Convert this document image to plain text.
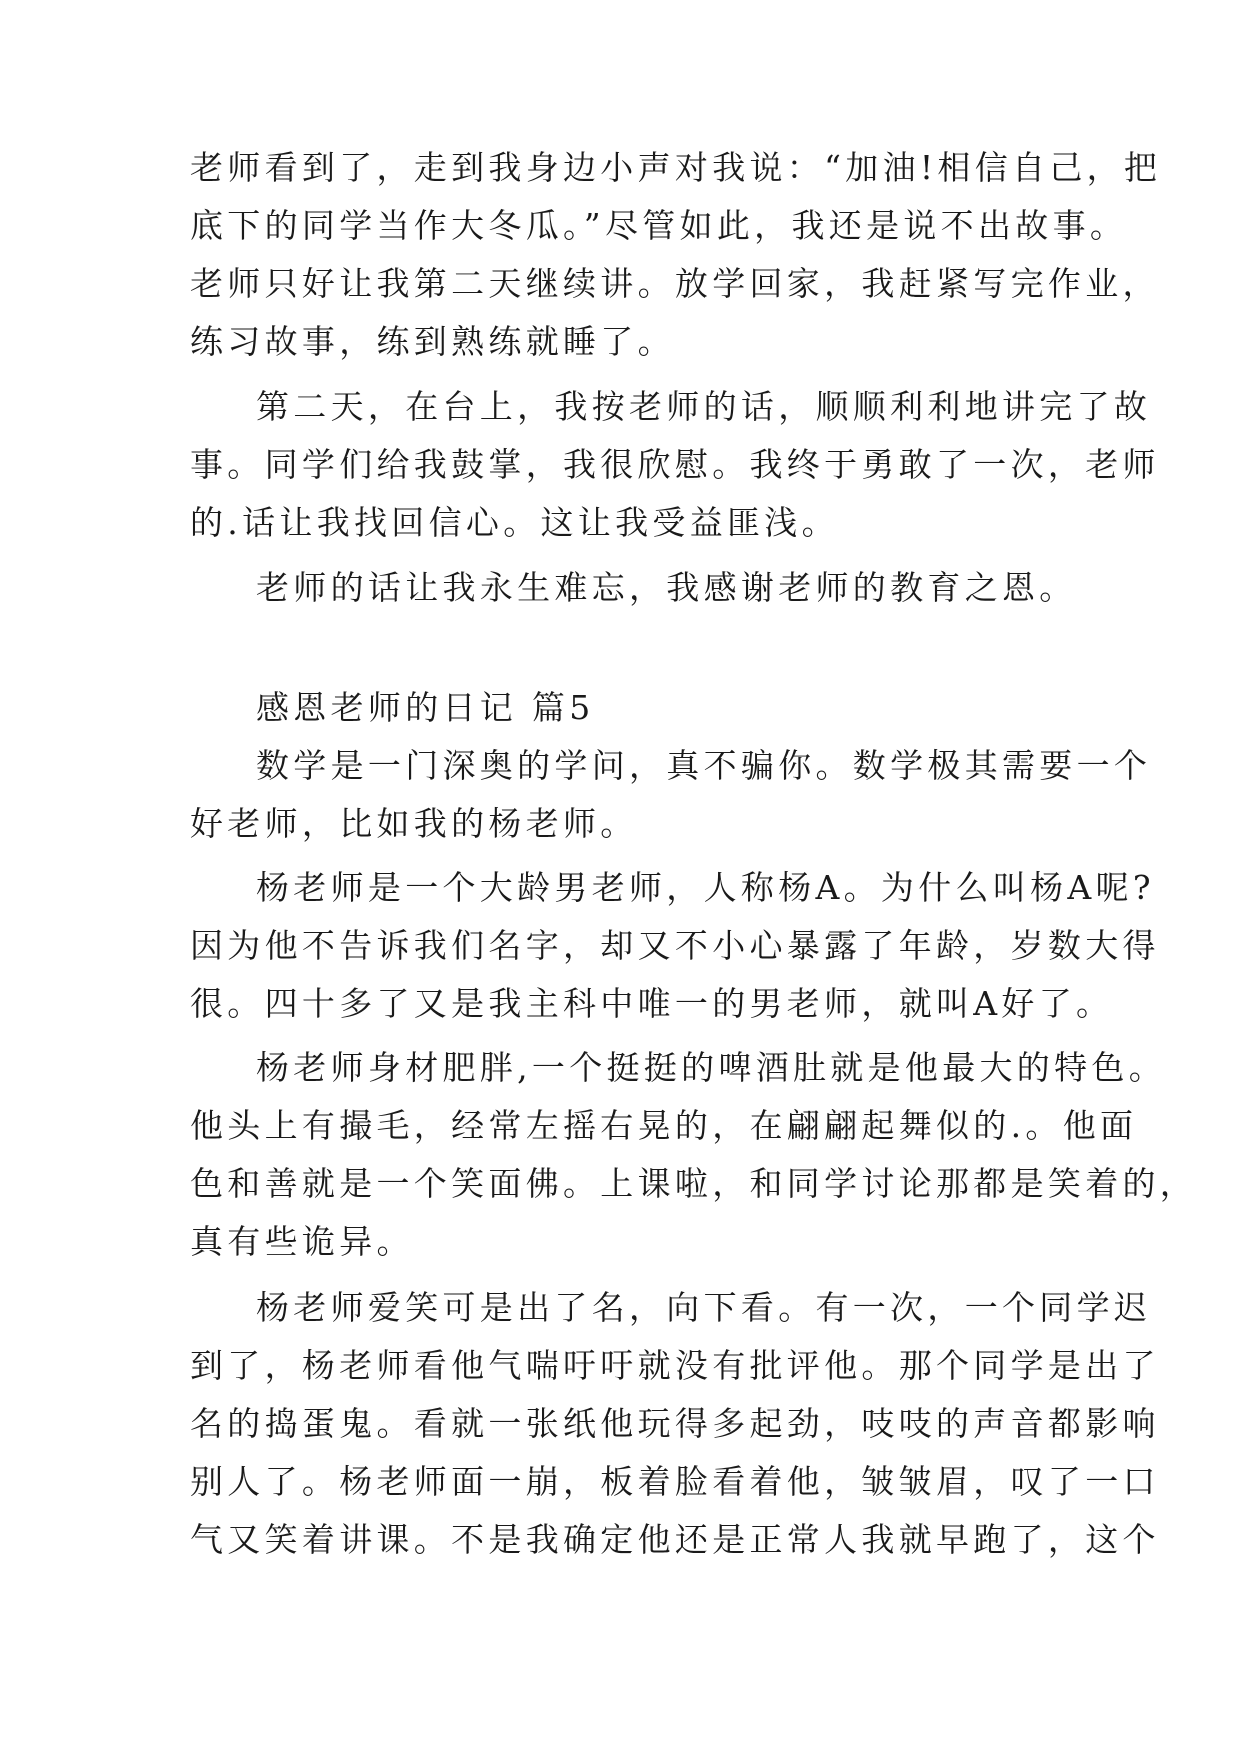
老师看到了，走到我身边小声对我说：“加油!相信自己，把
底下的同学当作大冬瓜。”尽管如此，我还是说不出故事。
老师只好让我第二天继续讲。放学回家，我赶紧写完作业，
练习故事，练到熟练就睡了。
第二天，在台上，我按老师的话，顺顺利利地讲完了故
事。同学们给我鼓掌，我很欣慰。我终于勇敢了一次，老师
的.话让我找回信心。这让我受益匪浅。
老师的话让我永生难忘，我感谢老师的教育之恩。
感恩老师的日记 篇5
数学是一门深奥的学问，真不骗你。数学极其需要一个
好老师，比如我的杨老师。
杨老师是一个大龄男老师，人称杨A。为什么叫杨A呢?
因为他不告诉我们名字，却又不小心暴露了年龄，岁数大得
很。四十多了又是我主科中唯一的男老师，就叫A好了。
杨老师身材肥胖,一个挺挺的啤酒肚就是他最大的特色。
他头上有撮毛，经常左摇右晃的，在翩翩起舞似的.。他面
色和善就是一个笑面佛。上课啦，和同学讨论那都是笑着的，
真有些诡异。
杨老师爱笑可是出了名，向下看。有一次，一个同学迟
到了，杨老师看他气喘吁吁就没有批评他。那个同学是出了
名的捣蛋鬼。看就一张纸他玩得多起劲，吱吱的声音都影响
别人了。杨老师面一崩，板着脸看着他，皱皱眉，叹了一口
气又笑着讲课。不是我确定他还是正常人我就早跑了，这个
